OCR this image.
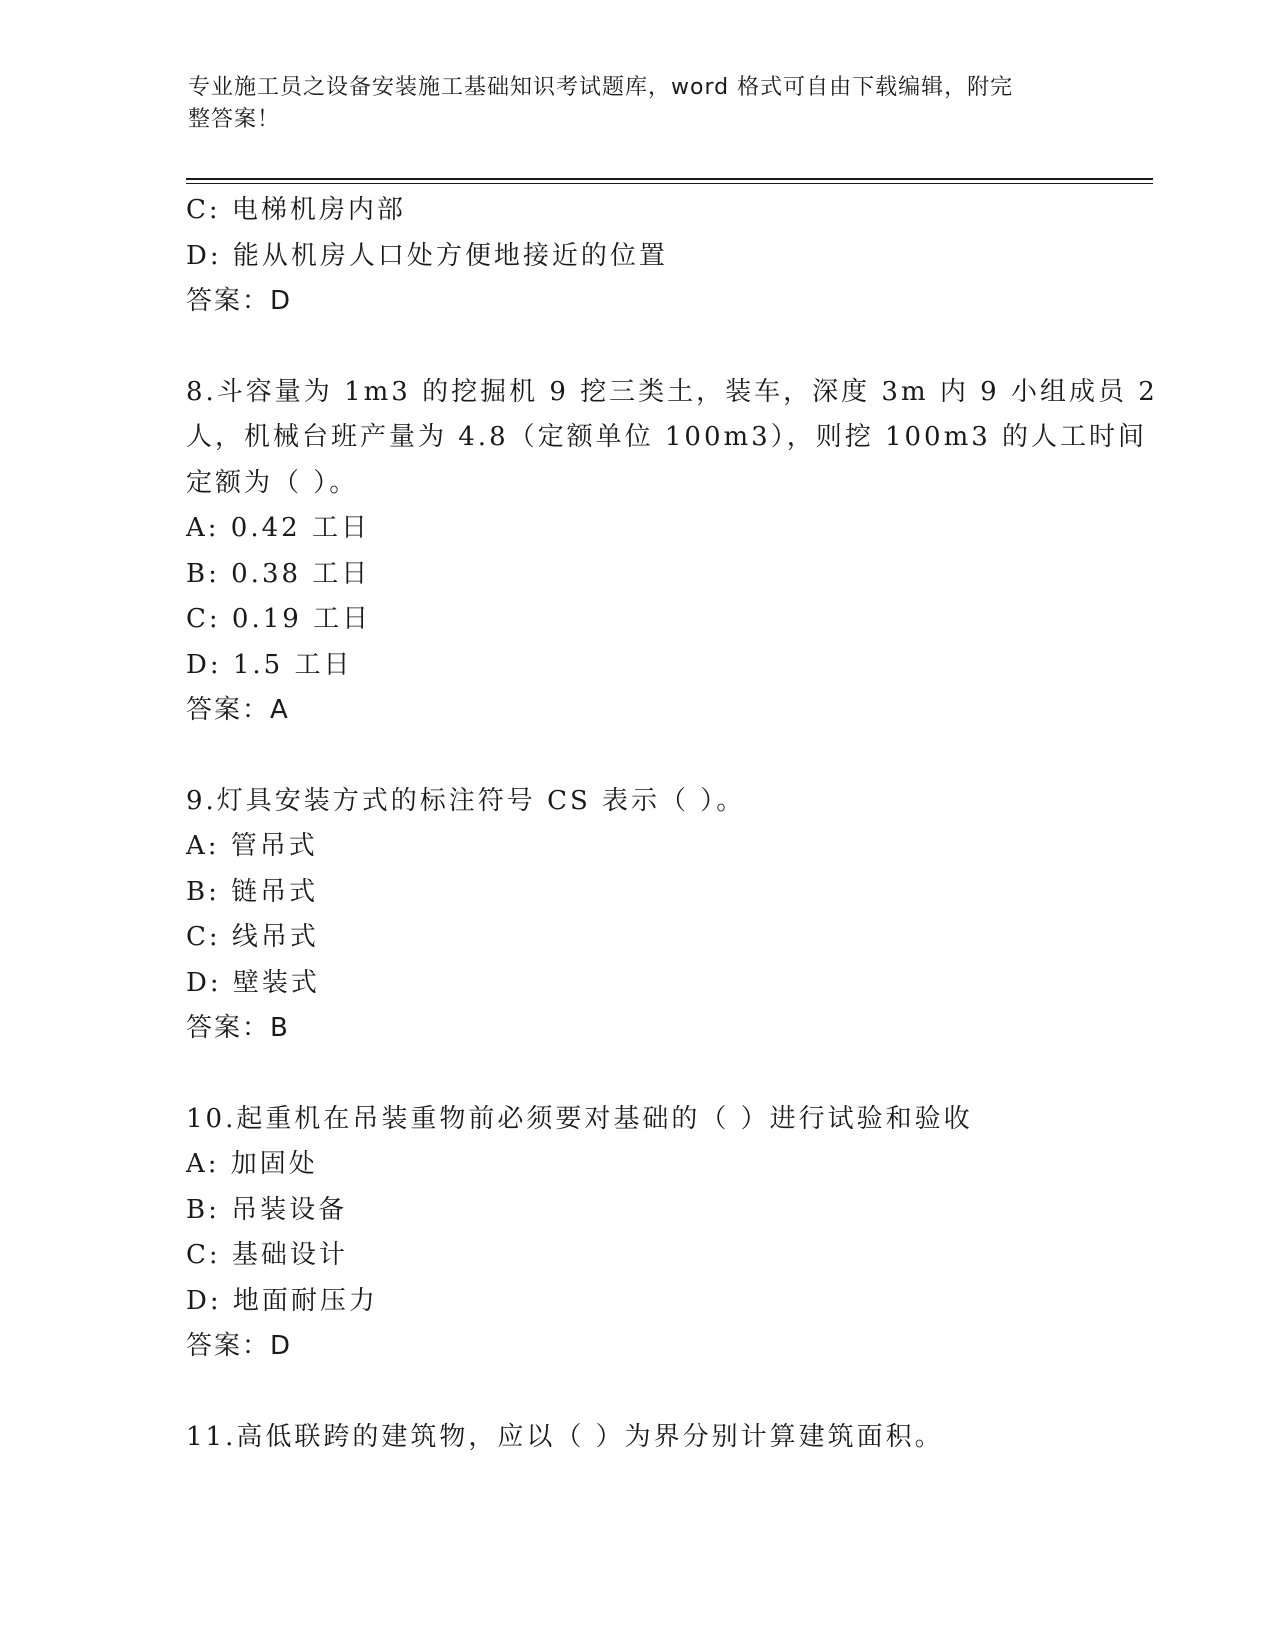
专业施工员之设备安装施工基础知识考试题库，word 格式可自由下载编辑，附完
整答案！
C: 电梯机房内部
D: 能从机房人口处方便地接近的位置
答案：D
8.斗容量为 1m3 的挖掘机 9 挖三类土，装车，深度 3m 内 9 小组成员 2
人，机械台班产量为 4.8（定额单位 100m3），则挖 100m3 的人工时间
定额为（ ）。
A: 0.42 工日
B: 0.38 工日
C: 0.19 工日
D: 1.5 工日
答案：A
9.灯具安装方式的标注符号 CS 表示（ ）。
A: 管吊式
B: 链吊式
C: 线吊式
D: 壁装式
答案：B
10.起重机在吊装重物前必须要对基础的（ ）进行试验和验收
A: 加固处
B: 吊装设备
C: 基础设计
D: 地面耐压力
答案：D
11.高低联跨的建筑物，应以（ ）为界分别计算建筑面积。
